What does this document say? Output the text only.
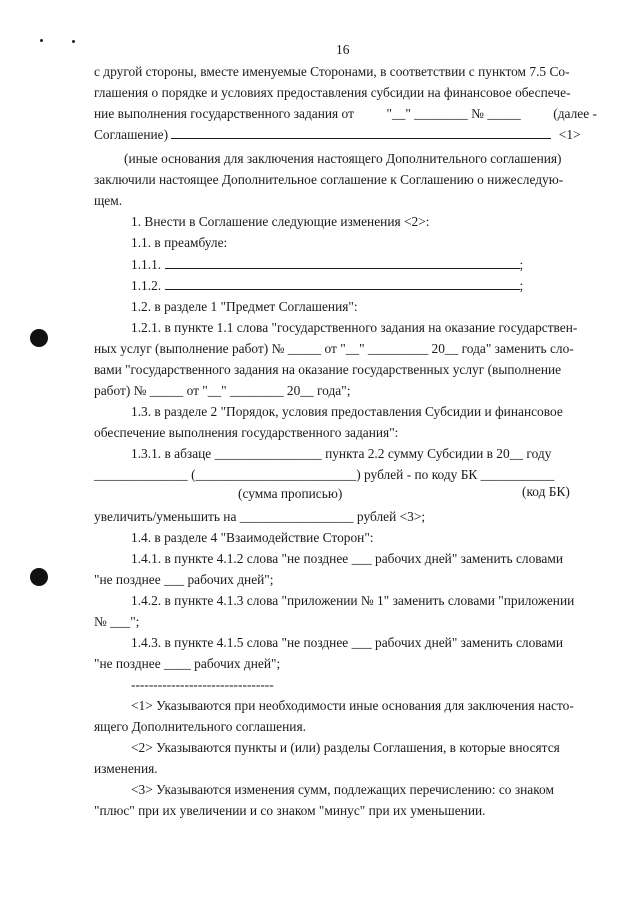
16
с другой стороны, вместе именуемые Сторонами, в соответствии с пунктом 7.5 Со-
глашения о порядке и условиях предоставления субсидии на финансовое обеспече-
ние выполнения государственного задания от "__" ________ № _____ (далее -
Соглашение)	<1>
(иные основания для заключения настоящего Дополнительного соглашения)
заключили настоящее Дополнительное соглашение к Соглашению о нижеследую-
щем.
1. Внести в Соглашение следующие изменения <2>:
1.1. в преамбуле:
1.1.1.	;
1.1.2.	;
1.2. в разделе 1 "Предмет Соглашения":
1.2.1. в пункте 1.1 слова "государственного задания на оказание государствен-
ных услуг (выполнение работ) № _____ от "__" _________ 20__ года" заменить сло-
вами "государственного задания на оказание государственных услуг (выполнение
работ) № _____ от "__" ________ 20__ года";
1.3. в разделе 2 "Порядок, условия предоставления Субсидии и финансовое
обеспечение выполнения государственного задания":
1.3.1. в абзаце ________________ пункта 2.2 сумму Субсидии в 20__ году
______________ (________________________) рублей - по коду БК ___________
(сумма прописью)	(код БК)
увеличить/уменьшить на _________________ рублей <3>;
1.4. в разделе 4 "Взаимодействие Сторон":
1.4.1. в пункте 4.1.2 слова "не позднее ___ рабочих дней" заменить словами
"не позднее ___ рабочих дней";
1.4.2. в пункте 4.1.3 слова "приложении № 1" заменить словами "приложении
№ ___";
1.4.3. в пункте 4.1.5 слова "не позднее ___ рабочих дней" заменить словами
"не позднее ____ рабочих дней";
--------------------------------
<1> Указываются при необходимости иные основания для заключения насто-
ящего Дополнительного соглашения.
<2> Указываются пункты и (или) разделы Соглашения, в которые вносятся
изменения.
<3> Указываются изменения сумм, подлежащих перечислению: со знаком
"плюс" при их увеличении и со знаком "минус" при их уменьшении.
